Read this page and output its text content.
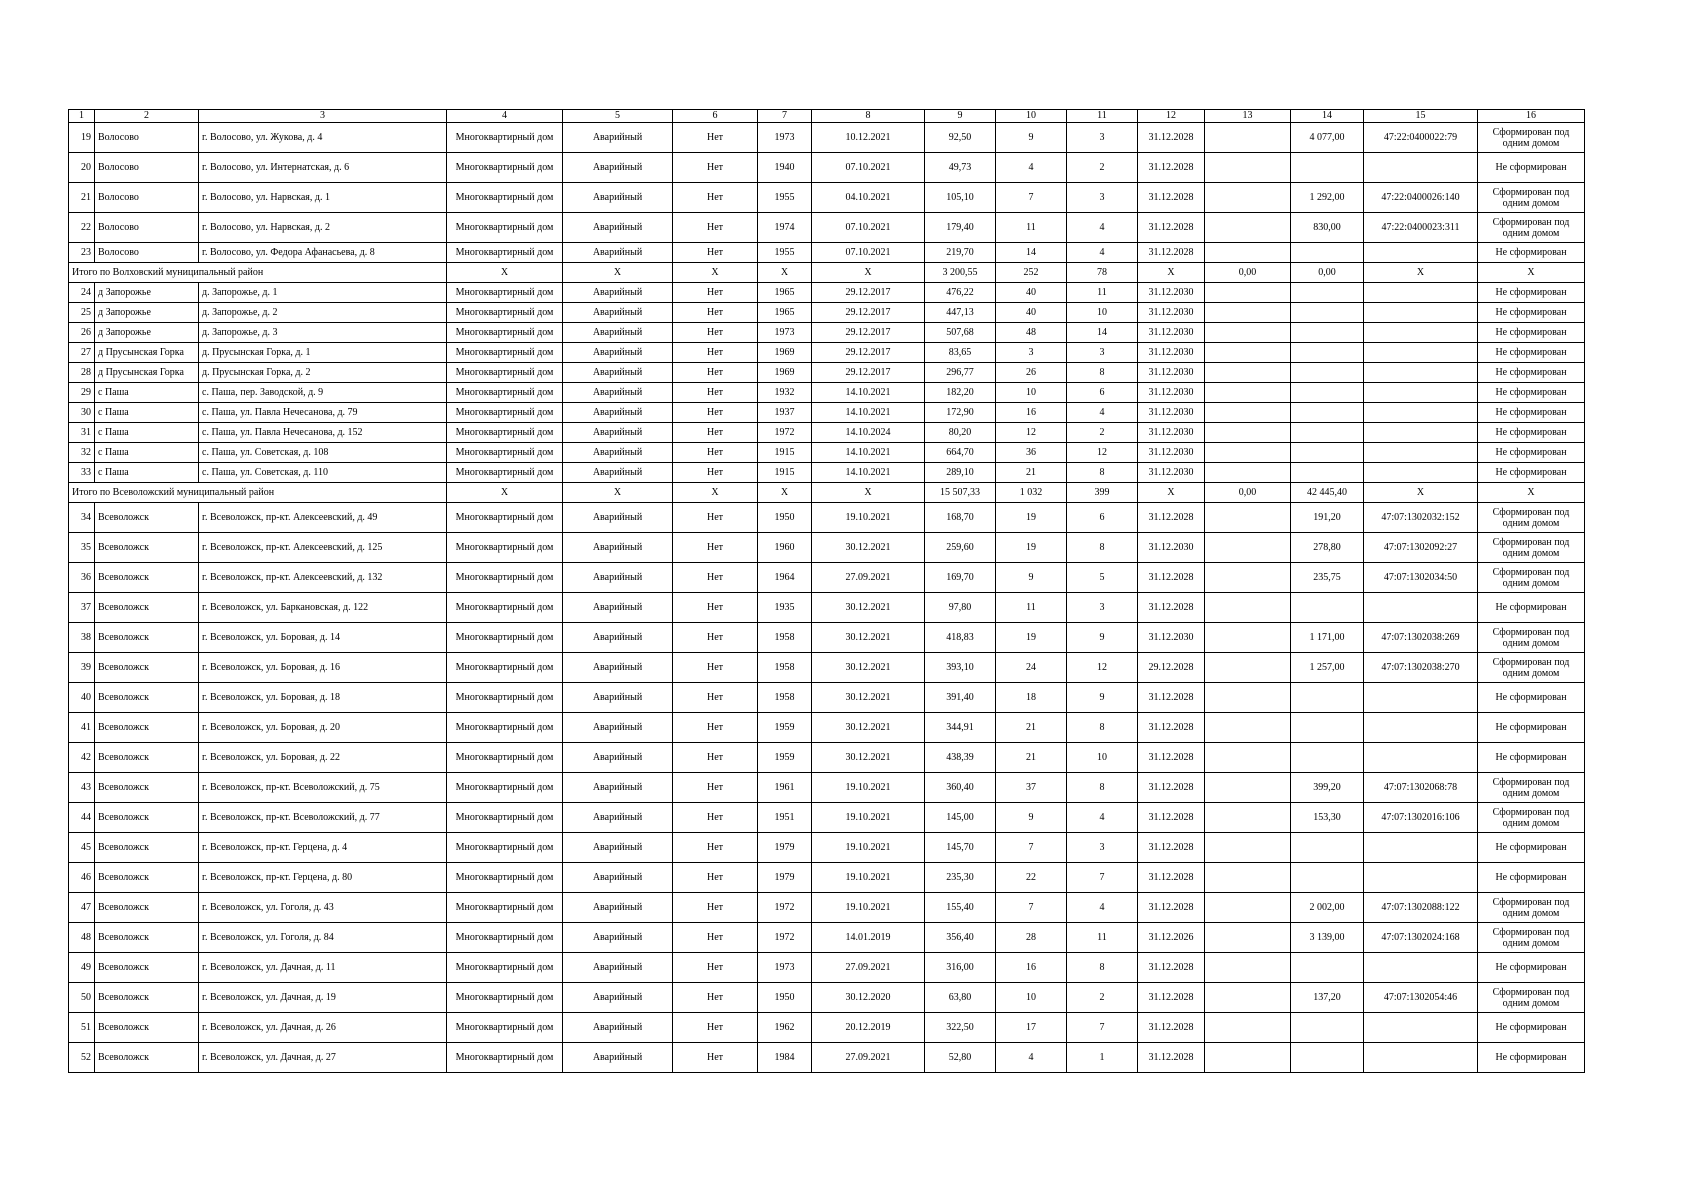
1	2	3	4	5	6	7	8	9	10	11	12	13	14	15	16
19	Волосово	г. Волосово, ул. Жукова, д. 4	Многоквартирный дом	Аварийный	Нет	1973	10.12.2021	92,50	9	3	31.12.2028		4 077,00	47:22:0400022:79	Сформирован под одним домом
20	Волосово	г. Волосово, ул. Интернатская, д. 6	Многоквартирный дом	Аварийный	Нет	1940	07.10.2021	49,73	4	2	31.12.2028				Не сформирован
21	Волосово	г. Волосово, ул. Нарвская, д. 1	Многоквартирный дом	Аварийный	Нет	1955	04.10.2021	105,10	7	3	31.12.2028		1 292,00	47:22:0400026:140	Сформирован под одним домом
22	Волосово	г. Волосово, ул. Нарвская, д. 2	Многоквартирный дом	Аварийный	Нет	1974	07.10.2021	179,40	11	4	31.12.2028		830,00	47:22:0400023:311	Сформирован под одним домом
23	Волосово	г. Волосово, ул. Федора Афанасьева, д. 8	Многоквартирный дом	Аварийный	Нет	1955	07.10.2021	219,70	14	4	31.12.2028				Не сформирован
Итого по Волховский муниципальный район			X	X	X	X	X	3 200,55	252	78	X	0,00	0,00	X	X
24	д Запорожье	д. Запорожье, д. 1	Многоквартирный дом	Аварийный	Нет	1965	29.12.2017	476,22	40	11	31.12.2030				Не сформирован
25	д Запорожье	д. Запорожье, д. 2	Многоквартирный дом	Аварийный	Нет	1965	29.12.2017	447,13	40	10	31.12.2030				Не сформирован
26	д Запорожье	д. Запорожье, д. 3	Многоквартирный дом	Аварийный	Нет	1973	29.12.2017	507,68	48	14	31.12.2030				Не сформирован
27	д Прусынская Горка	д. Прусынская Горка, д. 1	Многоквартирный дом	Аварийный	Нет	1969	29.12.2017	83,65	3	3	31.12.2030				Не сформирован
28	д Прусынская Горка	д. Прусынская Горка, д. 2	Многоквартирный дом	Аварийный	Нет	1969	29.12.2017	296,77	26	8	31.12.2030				Не сформирован
29	с Паша	с. Паша, пер. Заводской, д. 9	Многоквартирный дом	Аварийный	Нет	1932	14.10.2021	182,20	10	6	31.12.2030				Не сформирован
30	с Паша	с. Паша, ул. Павла Нечесанова, д. 79	Многоквартирный дом	Аварийный	Нет	1937	14.10.2021	172,90	16	4	31.12.2030				Не сформирован
31	с Паша	с. Паша, ул. Павла Нечесанова, д. 152	Многоквартирный дом	Аварийный	Нет	1972	14.10.2024	80,20	12	2	31.12.2030				Не сформирован
32	с Паша	с. Паша, ул. Советская, д. 108	Многоквартирный дом	Аварийный	Нет	1915	14.10.2021	664,70	36	12	31.12.2030				Не сформирован
33	с Паша	с. Паша, ул. Советская, д. 110	Многоквартирный дом	Аварийный	Нет	1915	14.10.2021	289,10	21	8	31.12.2030				Не сформирован
Итого по Всеволожский муниципальный район			X	X	X	X	X	15 507,33	1 032	399	X	0,00	42 445,40	X	X
34	Всеволожск	г. Всеволожск, пр-кт. Алексеевский, д. 49	Многоквартирный дом	Аварийный	Нет	1950	19.10.2021	168,70	19	6	31.12.2028		191,20	47:07:1302032:152	Сформирован под одним домом
35	Всеволожск	г. Всеволожск, пр-кт. Алексеевский, д. 125	Многоквартирный дом	Аварийный	Нет	1960	30.12.2021	259,60	19	8	31.12.2030		278,80	47:07:1302092:27	Сформирован под одним домом
36	Всеволожск	г. Всеволожск, пр-кт. Алексеевский, д. 132	Многоквартирный дом	Аварийный	Нет	1964	27.09.2021	169,70	9	5	31.12.2028		235,75	47:07:1302034:50	Сформирован под одним домом
37	Всеволожск	г. Всеволожск, ул. Баркановская, д. 122	Многоквартирный дом	Аварийный	Нет	1935	30.12.2021	97,80	11	3	31.12.2028				Не сформирован
38	Всеволожск	г. Всеволожск, ул. Боровая, д. 14	Многоквартирный дом	Аварийный	Нет	1958	30.12.2021	418,83	19	9	31.12.2030		1 171,00	47:07:1302038:269	Сформирован под одним домом
39	Всеволожск	г. Всеволожск, ул. Боровая, д. 16	Многоквартирный дом	Аварийный	Нет	1958	30.12.2021	393,10	24	12	29.12.2028		1 257,00	47:07:1302038:270	Сформирован под одним домом
40	Всеволожск	г. Всеволожск, ул. Боровая, д. 18	Многоквартирный дом	Аварийный	Нет	1958	30.12.2021	391,40	18	9	31.12.2028				Не сформирован
41	Всеволожск	г. Всеволожск, ул. Боровая, д. 20	Многоквартирный дом	Аварийный	Нет	1959	30.12.2021	344,91	21	8	31.12.2028				Не сформирован
42	Всеволожск	г. Всеволожск, ул. Боровая, д. 22	Многоквартирный дом	Аварийный	Нет	1959	30.12.2021	438,39	21	10	31.12.2028				Не сформирован
43	Всеволожск	г. Всеволожск, пр-кт. Всеволожский, д. 75	Многоквартирный дом	Аварийный	Нет	1961	19.10.2021	360,40	37	8	31.12.2028		399,20	47:07:1302068:78	Сформирован под одним домом
44	Всеволожск	г. Всеволожск, пр-кт. Всеволожский, д. 77	Многоквартирный дом	Аварийный	Нет	1951	19.10.2021	145,00	9	4	31.12.2028		153,30	47:07:1302016:106	Сформирован под одним домом
45	Всеволожск	г. Всеволожск, пр-кт. Герцена, д. 4	Многоквартирный дом	Аварийный	Нет	1979	19.10.2021	145,70	7	3	31.12.2028				Не сформирован
46	Всеволожск	г. Всеволожск, пр-кт. Герцена, д. 80	Многоквартирный дом	Аварийный	Нет	1979	19.10.2021	235,30	22	7	31.12.2028				Не сформирован
47	Всеволожск	г. Всеволожск, ул. Гоголя, д. 43	Многоквартирный дом	Аварийный	Нет	1972	19.10.2021	155,40	7	4	31.12.2028		2 002,00	47:07:1302088:122	Сформирован под одним домом
48	Всеволожск	г. Всеволожск, ул. Гоголя, д. 84	Многоквартирный дом	Аварийный	Нет	1972	14.01.2019	356,40	28	11	31.12.2026		3 139,00	47:07:1302024:168	Сформирован под одним домом
49	Всеволожск	г. Всеволожск, ул. Дачная, д. 11	Многоквартирный дом	Аварийный	Нет	1973	27.09.2021	316,00	16	8	31.12.2028				Не сформирован
50	Всеволожск	г. Всеволожск, ул. Дачная, д. 19	Многоквартирный дом	Аварийный	Нет	1950	30.12.2020	63,80	10	2	31.12.2028		137,20	47:07:1302054:46	Сформирован под одним домом
51	Всеволожск	г. Всеволожск, ул. Дачная, д. 26	Многоквартирный дом	Аварийный	Нет	1962	20.12.2019	322,50	17	7	31.12.2028				Не сформирован
52	Всеволожск	г. Всеволожск, ул. Дачная, д. 27	Многоквартирный дом	Аварийный	Нет	1984	27.09.2021	52,80	4	1	31.12.2028				Не сформирован
